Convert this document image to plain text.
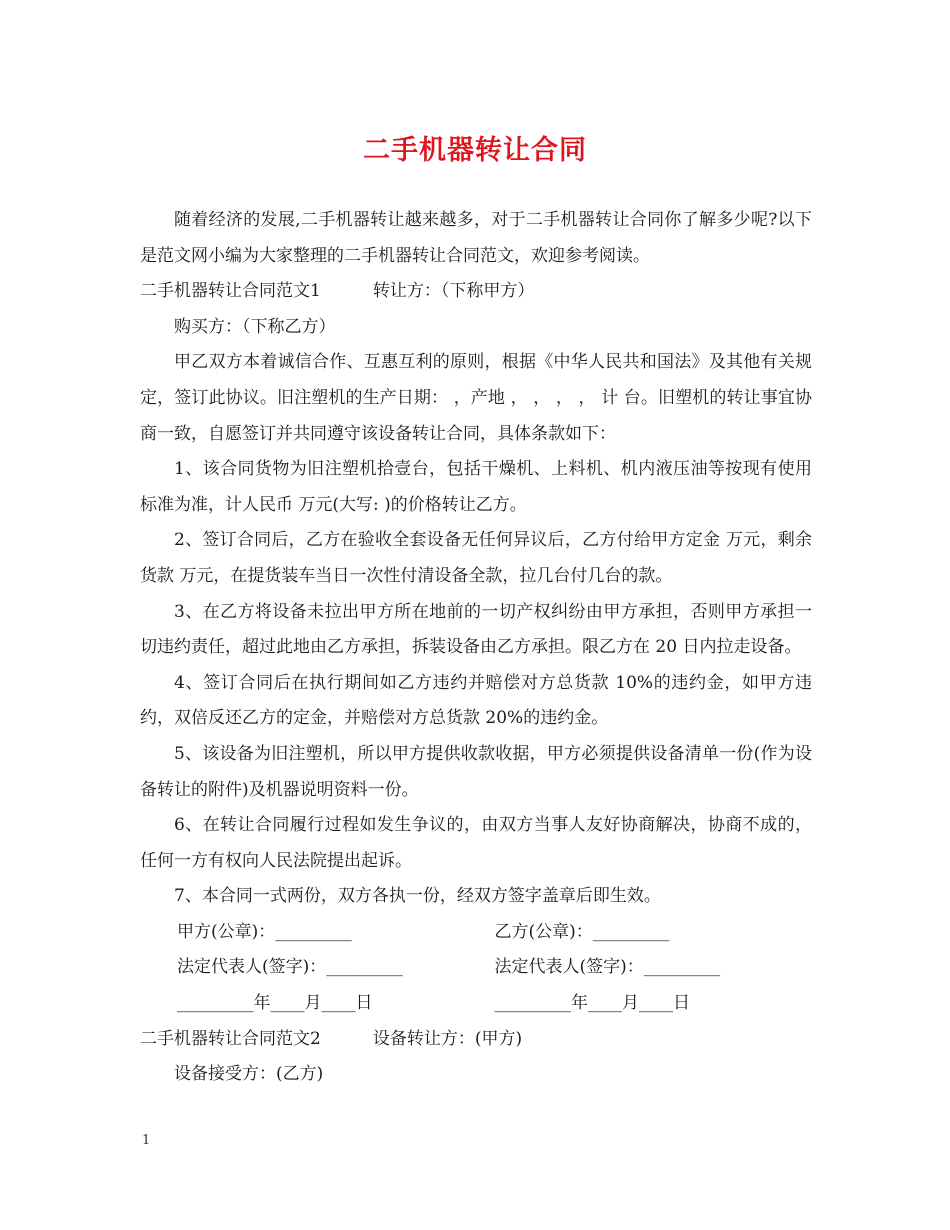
二手机器转让合同

随着经济的发展,二手机器转让越来越多，对于二手机器转让合同你了解多少呢?以下是范文网小编为大家整理的二手机器转让合同范文，欢迎参考阅读。

二手机器转让合同范文1	转让方：（下称甲方）

购买方：（下称乙方）

甲乙双方本着诚信合作、互惠互利的原则，根据《中华人民共和国法》及其他有关规定，签订此协议。旧注塑机的生产日期： ，产地 ， ， ， ， 计 台。旧塑机的转让事宜协商一致，自愿签订并共同遵守该设备转让合同，具体条款如下：

1、该合同货物为旧注塑机拾壹台，包括干燥机、上料机、机内液压油等按现有使用标准为准，计人民币 万元(大写: )的价格转让乙方。

2、签订合同后，乙方在验收全套设备无任何异议后，乙方付给甲方定金 万元，剩余货款 万元，在提货装车当日一次性付清设备全款，拉几台付几台的款。

3、在乙方将设备未拉出甲方所在地前的一切产权纠纷由甲方承担，否则甲方承担一切违约责任，超过此地由乙方承担，拆装设备由乙方承担。限乙方在 20 日内拉走设备。

4、签订合同后在执行期间如乙方违约并赔偿对方总货款 10%的违约金，如甲方违约，双倍反还乙方的定金，并赔偿对方总货款 20%的违约金。

5、该设备为旧注塑机，所以甲方提供收款收据，甲方必须提供设备清单一份(作为设备转让的附件)及机器说明资料一份。

6、在转让合同履行过程如发生争议的，由双方当事人友好协商解决，协商不成的，任何一方有权向人民法院提出起诉。

7、本合同一式两份，双方各执一份，经双方签字盖章后即生效。

甲方(公章)：_________	乙方(公章)：_________
法定代表人(签字)：_________	法定代表人(签字)：_________
_________年____月____日	_________年____月____日

二手机器转让合同范文2	设备转让方：(甲方)

设备接受方：(乙方)

1
